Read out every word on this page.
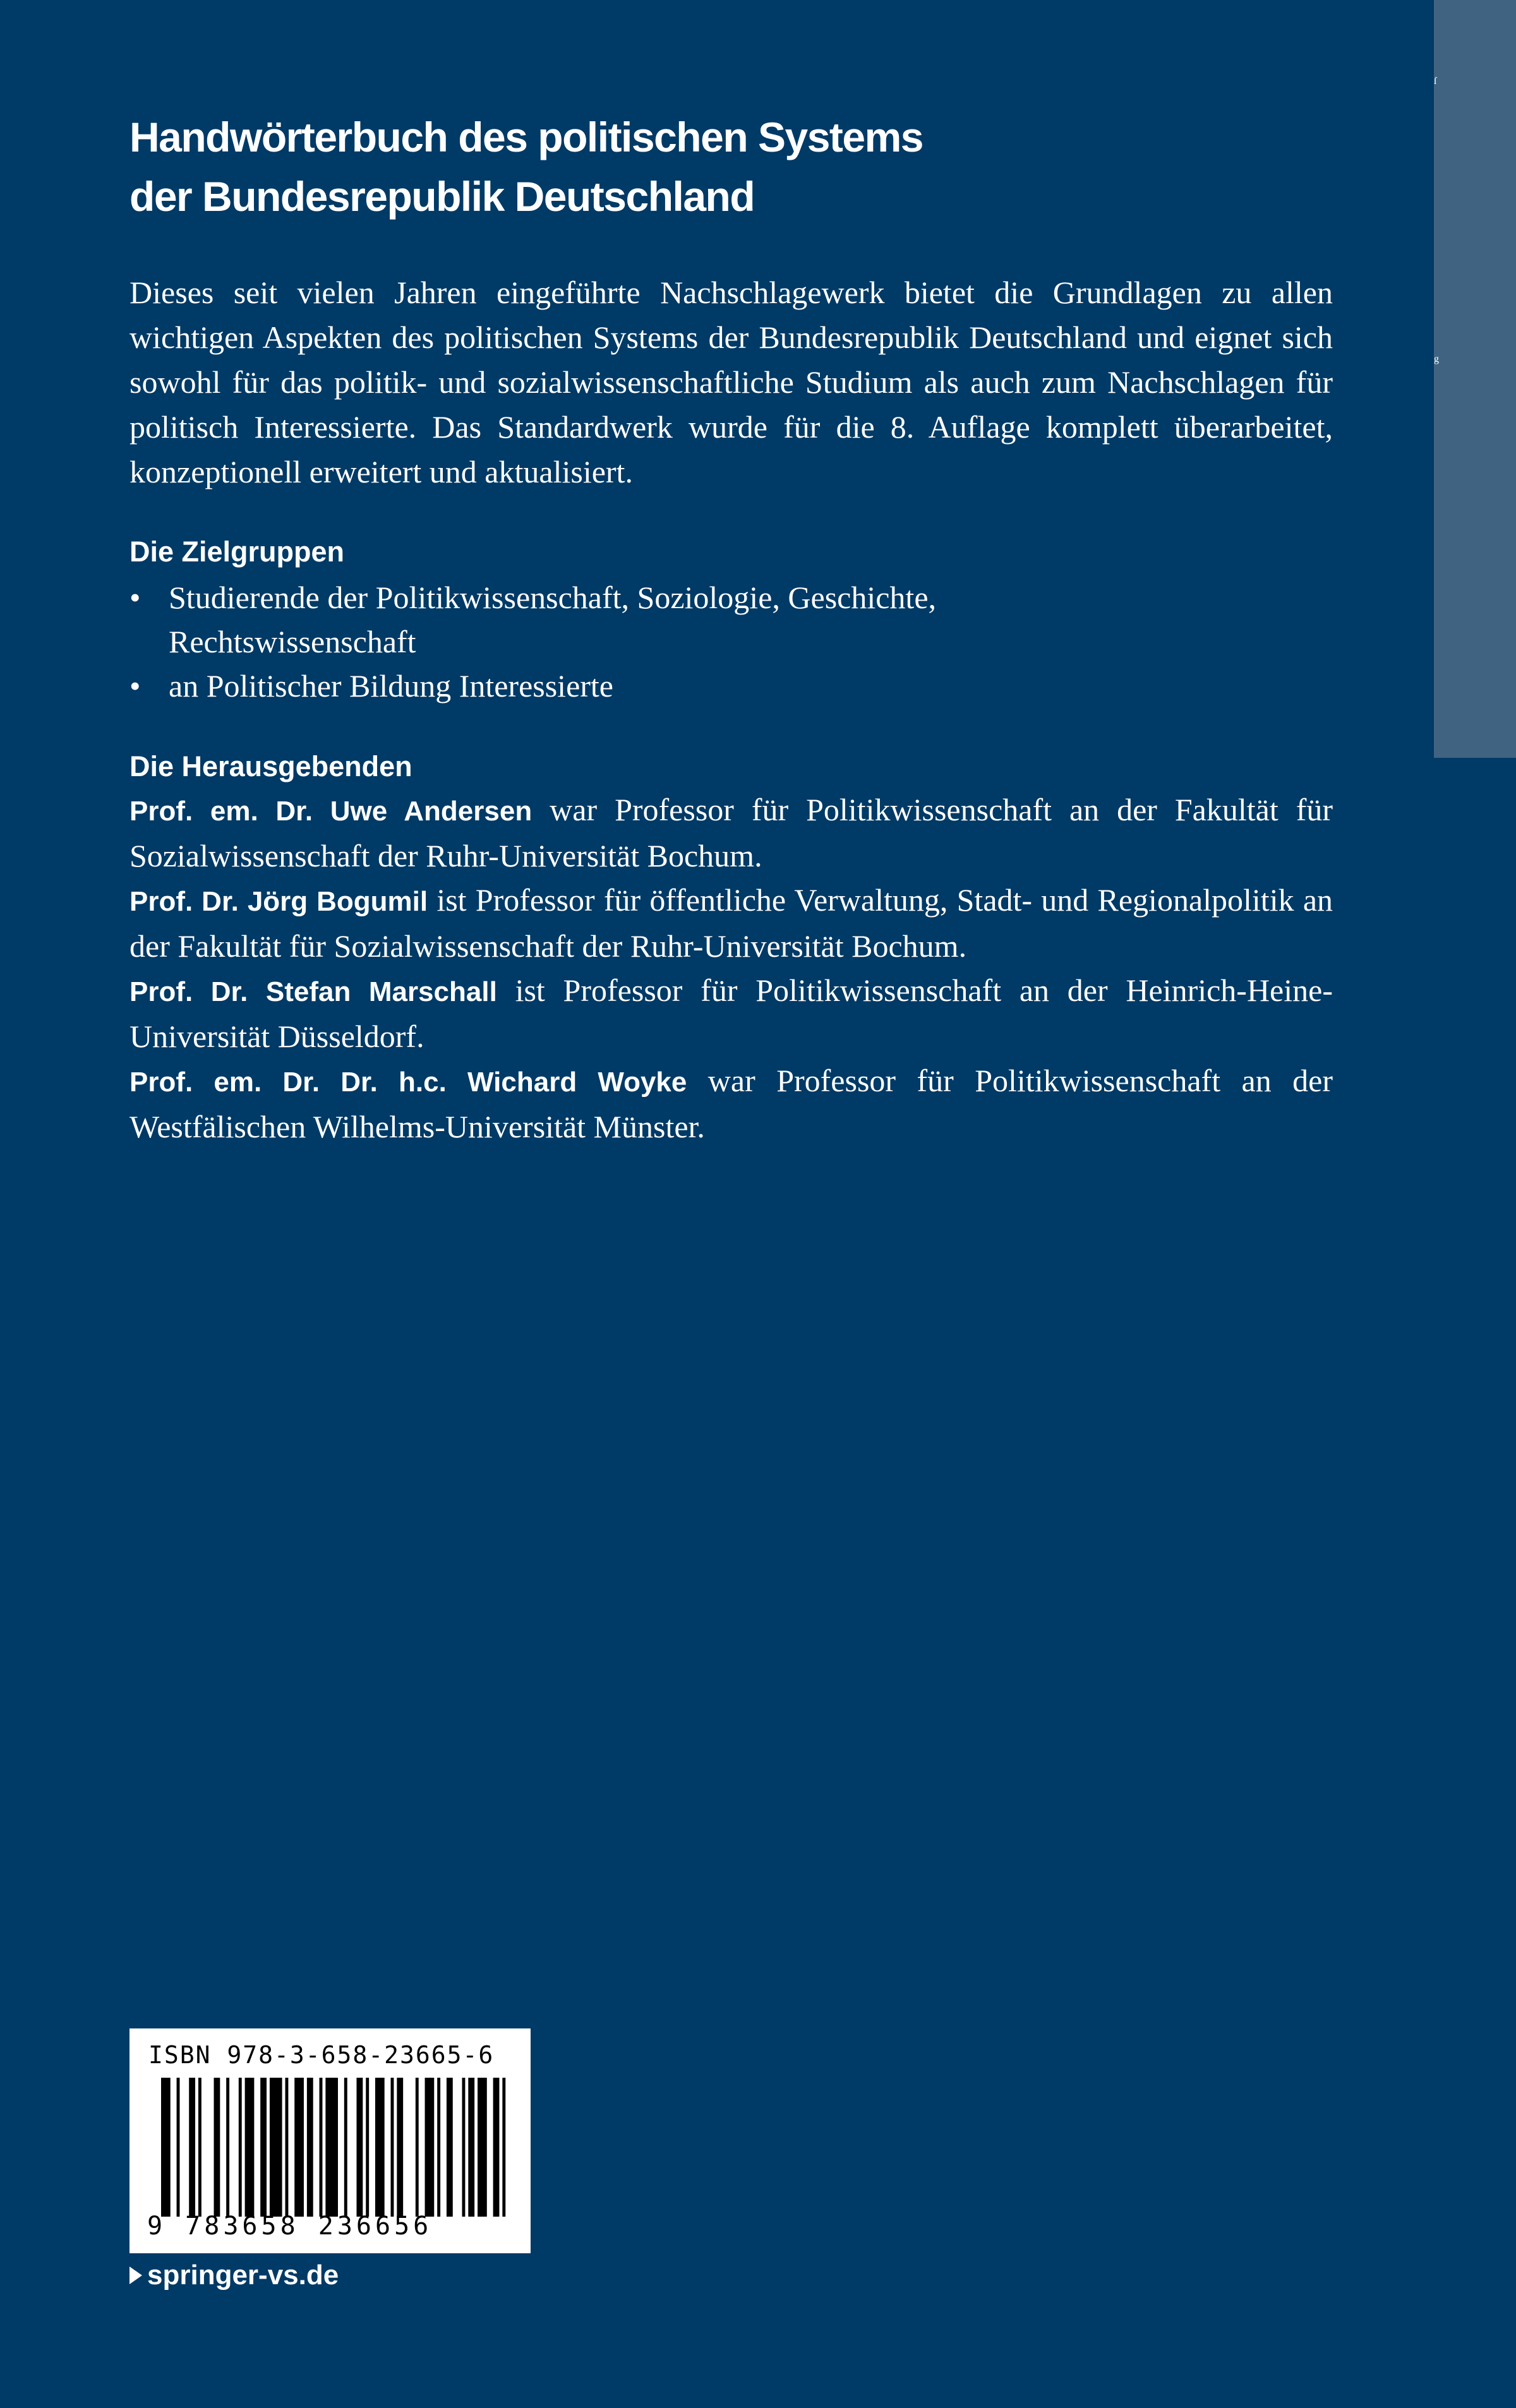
ſ
g
Handwörterbuch des politischen Systems
der Bundesrepublik Deutschland

Dieses seit vielen Jahren eingeführte Nachschlagewerk bietet die Grundlagen zu allen wichtigen Aspekten des politischen Systems der Bundesrepublik Deutschland und eignet sich sowohl für das politik- und sozialwissenschaftliche Studium als auch zum Nachschlagen für politisch Interessierte. Das Standardwerk wurde für die 8. Auflage komplett überarbeitet, konzeptionell erweitert und aktualisiert.

Die Zielgruppen
• Studierende der Politikwissenschaft, Soziologie, Geschichte, Rechtswissenschaft
• an Politischer Bildung Interessierte
Die Herausgebenden

Prof. em. Dr. Uwe Andersen war Professor für Politikwissenschaft an der Fakultät für Sozialwissenschaft der Ruhr-Universität Bochum.

Prof. Dr. Jörg Bogumil ist Professor für öffentliche Verwaltung, Stadt- und Regionalpolitik an der Fakultät für Sozialwissenschaft der Ruhr-Universität Bochum.

Prof. Dr. Stefan Marschall ist Professor für Politikwissenschaft an der Heinrich-Heine-Universität Düsseldorf.

Prof. em. Dr. Dr. h.c. Wichard Woyke war Professor für Politikwissenschaft an der Westfälischen Wilhelms-Universität Münster.

ISBN 978-3-658-23665-6
9 783658 236656
springer-vs.de
